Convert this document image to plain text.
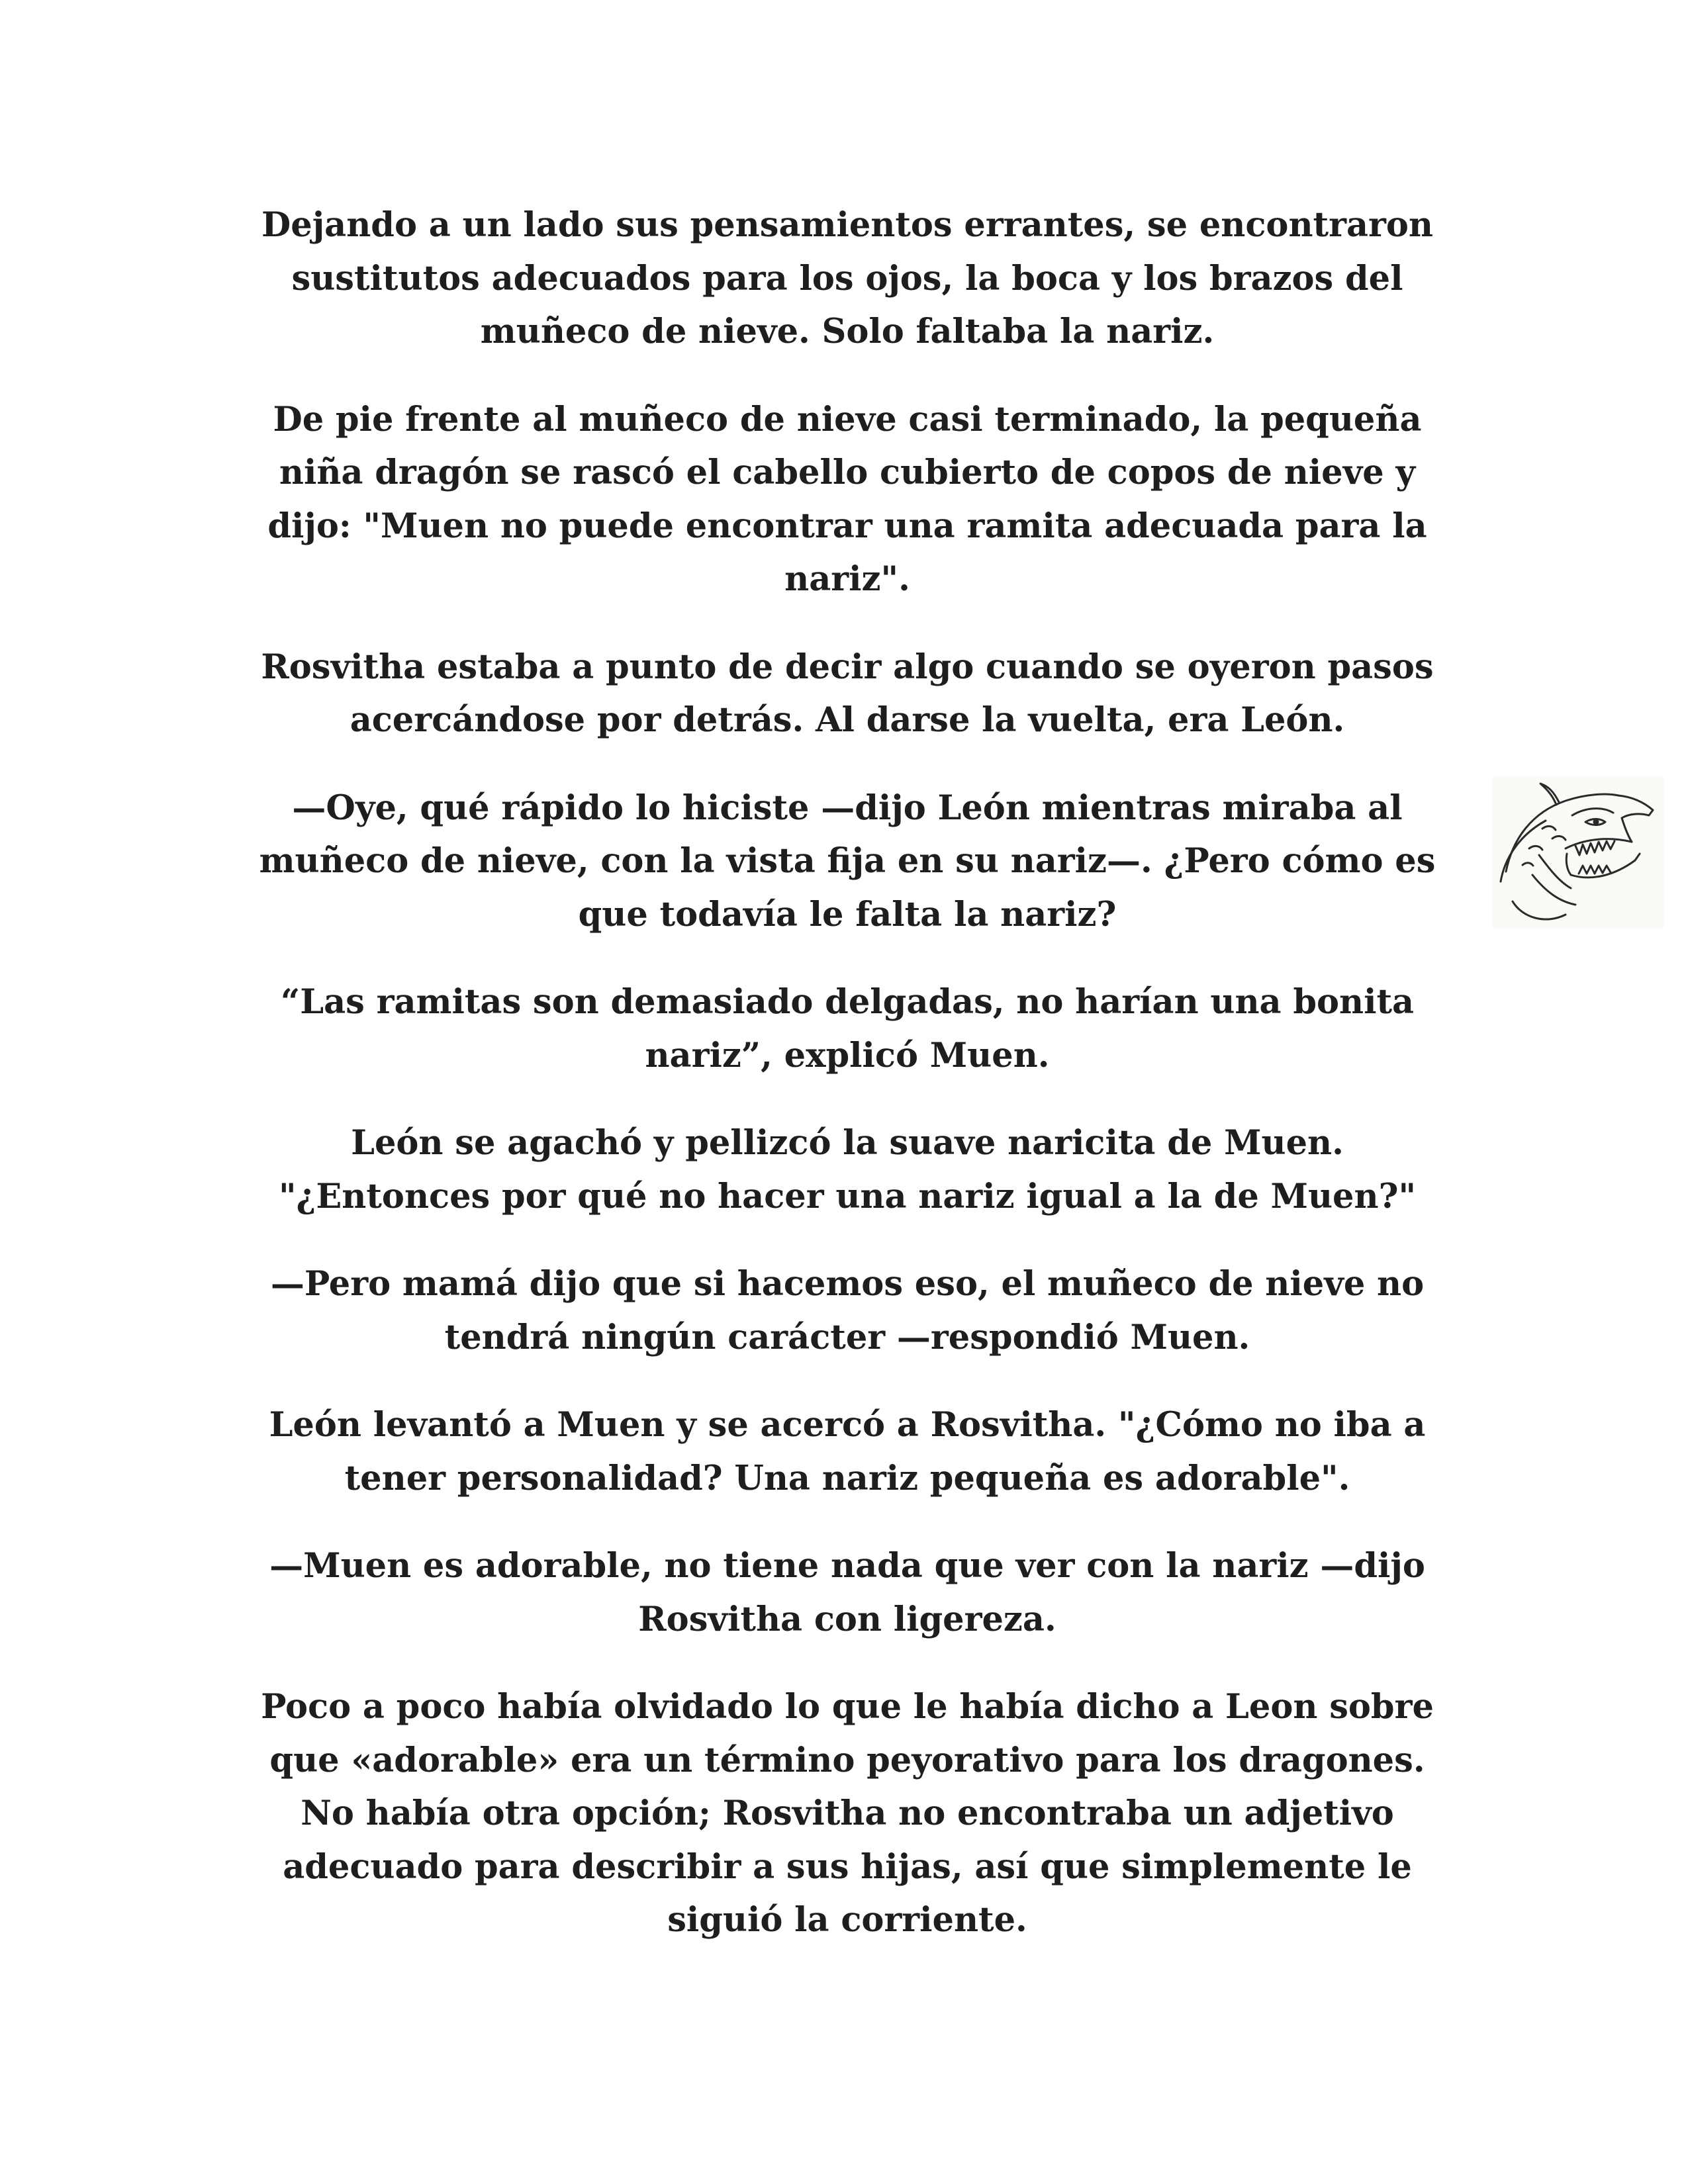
Dejando a un lado sus pensamientos errantes, se encontraron
sustitutos adecuados para los ojos, la boca y los brazos del
muñeco de nieve. Solo faltaba la nariz.

De pie frente al muñeco de nieve casi terminado, la pequeña
niña dragón se rascó el cabello cubierto de copos de nieve y
dijo: "Muen no puede encontrar una ramita adecuada para la
nariz".

Rosvitha estaba a punto de decir algo cuando se oyeron pasos
acercándose por detrás. Al darse la vuelta, era León.

—Oye, qué rápido lo hiciste —dijo León mientras miraba al
muñeco de nieve, con la vista fija en su nariz—. ¿Pero cómo es
que todavía le falta la nariz?

“Las ramitas son demasiado delgadas, no harían una bonita
nariz”, explicó Muen.

León se agachó y pellizcó la suave naricita de Muen.
"¿Entonces por qué no hacer una nariz igual a la de Muen?"

—Pero mamá dijo que si hacemos eso, el muñeco de nieve no
tendrá ningún carácter —respondió Muen.

León levantó a Muen y se acercó a Rosvitha. "¿Cómo no iba a
tener personalidad? Una nariz pequeña es adorable".

—Muen es adorable, no tiene nada que ver con la nariz —dijo
Rosvitha con ligereza.

Poco a poco había olvidado lo que le había dicho a Leon sobre
que «adorable» era un término peyorativo para los dragones.
No había otra opción; Rosvitha no encontraba un adjetivo
adecuado para describir a sus hijas, así que simplemente le
siguió la corriente.
